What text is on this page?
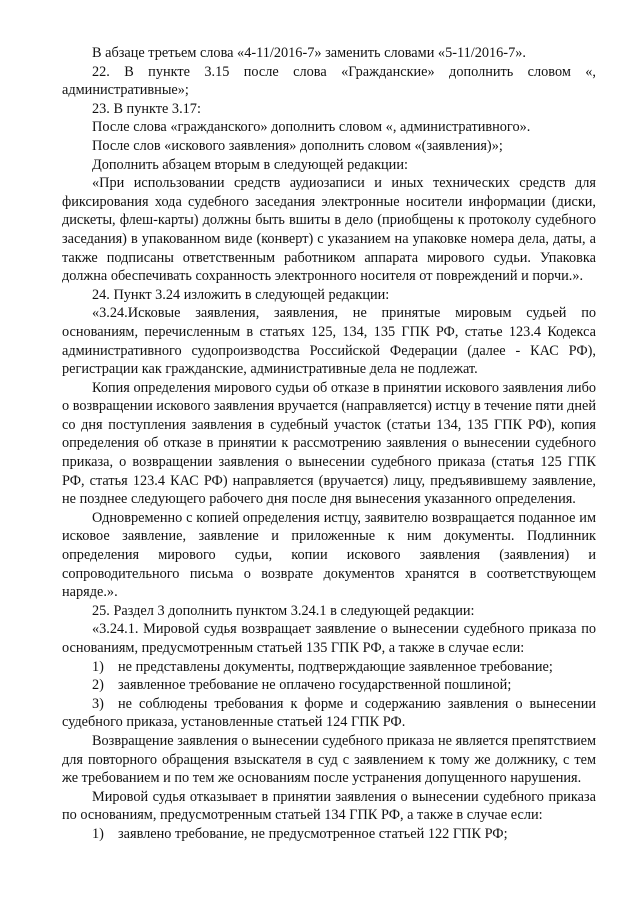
В абзаце третьем слова «4-11/2016-7» заменить словами «5-11/2016-7».

22. В пункте 3.15 после слова «Гражданские» дополнить словом «, административные»;

23. В пункте 3.17:

После слова «гражданского» дополнить словом «, административного».

После слов «искового заявления» дополнить словом «(заявления)»;

Дополнить абзацем вторым в следующей редакции:

«При использовании средств аудиозаписи и иных технических средств для фиксирования хода судебного заседания электронные носители информации (диски, дискеты, флеш-карты) должны быть вшиты в дело (приобщены к протоколу судебного заседания) в упакованном виде (конверт) с указанием на упаковке номера дела, даты, а также подписаны ответственным работником аппарата мирового судьи. Упаковка должна обеспечивать сохранность электронного носителя от повреждений и порчи.».

24. Пункт 3.24 изложить в следующей редакции:

«3.24.Исковые заявления, заявления, не принятые мировым судьей по основаниям, перечисленным в статьях 125, 134, 135 ГПК РФ, статье 123.4 Кодекса административного судопроизводства Российской Федерации (далее - КАС РФ), регистрации как гражданские, административные дела не подлежат.

Копия определения мирового судьи об отказе в принятии искового заявления либо о возвращении искового заявления вручается (направляется) истцу в течение пяти дней со дня поступления заявления в судебный участок (статьи 134, 135 ГПК РФ), копия определения об отказе в принятии к рассмотрению заявления о вынесении судебного приказа, о возвращении заявления о вынесении судебного приказа (статья 125 ГПК РФ, статья 123.4 КАС РФ) направляется (вручается) лицу, предъявившему заявление, не позднее следующего рабочего дня после дня вынесения указанного определения.

Одновременно с копией определения истцу, заявителю возвращается поданное им исковое заявление, заявление и приложенные к ним документы. Подлинник определения мирового судьи, копии искового заявления (заявления) и сопроводительного письма о возврате документов хранятся в соответствующем наряде.».

25. Раздел 3 дополнить пунктом 3.24.1 в следующей редакции:

«3.24.1. Мировой судья возвращает заявление о вынесении судебного приказа по основаниям, предусмотренным статьей 135 ГПК РФ, а также в случае если:

1) не представлены документы, подтверждающие заявленное требование;

2) заявленное требование не оплачено государственной пошлиной;

3) не соблюдены требования к форме и содержанию заявления о вынесении судебного приказа, установленные статьей 124 ГПК РФ.

Возвращение заявления о вынесении судебного приказа не является препятствием для повторного обращения взыскателя в суд с заявлением к тому же должнику, с тем же требованием и по тем же основаниям после устранения допущенного нарушения.

Мировой судья отказывает в принятии заявления о вынесении судебного приказа по основаниям, предусмотренным статьей 134 ГПК РФ, а также в случае если:

1) заявлено требование, не предусмотренное статьей 122 ГПК РФ;
